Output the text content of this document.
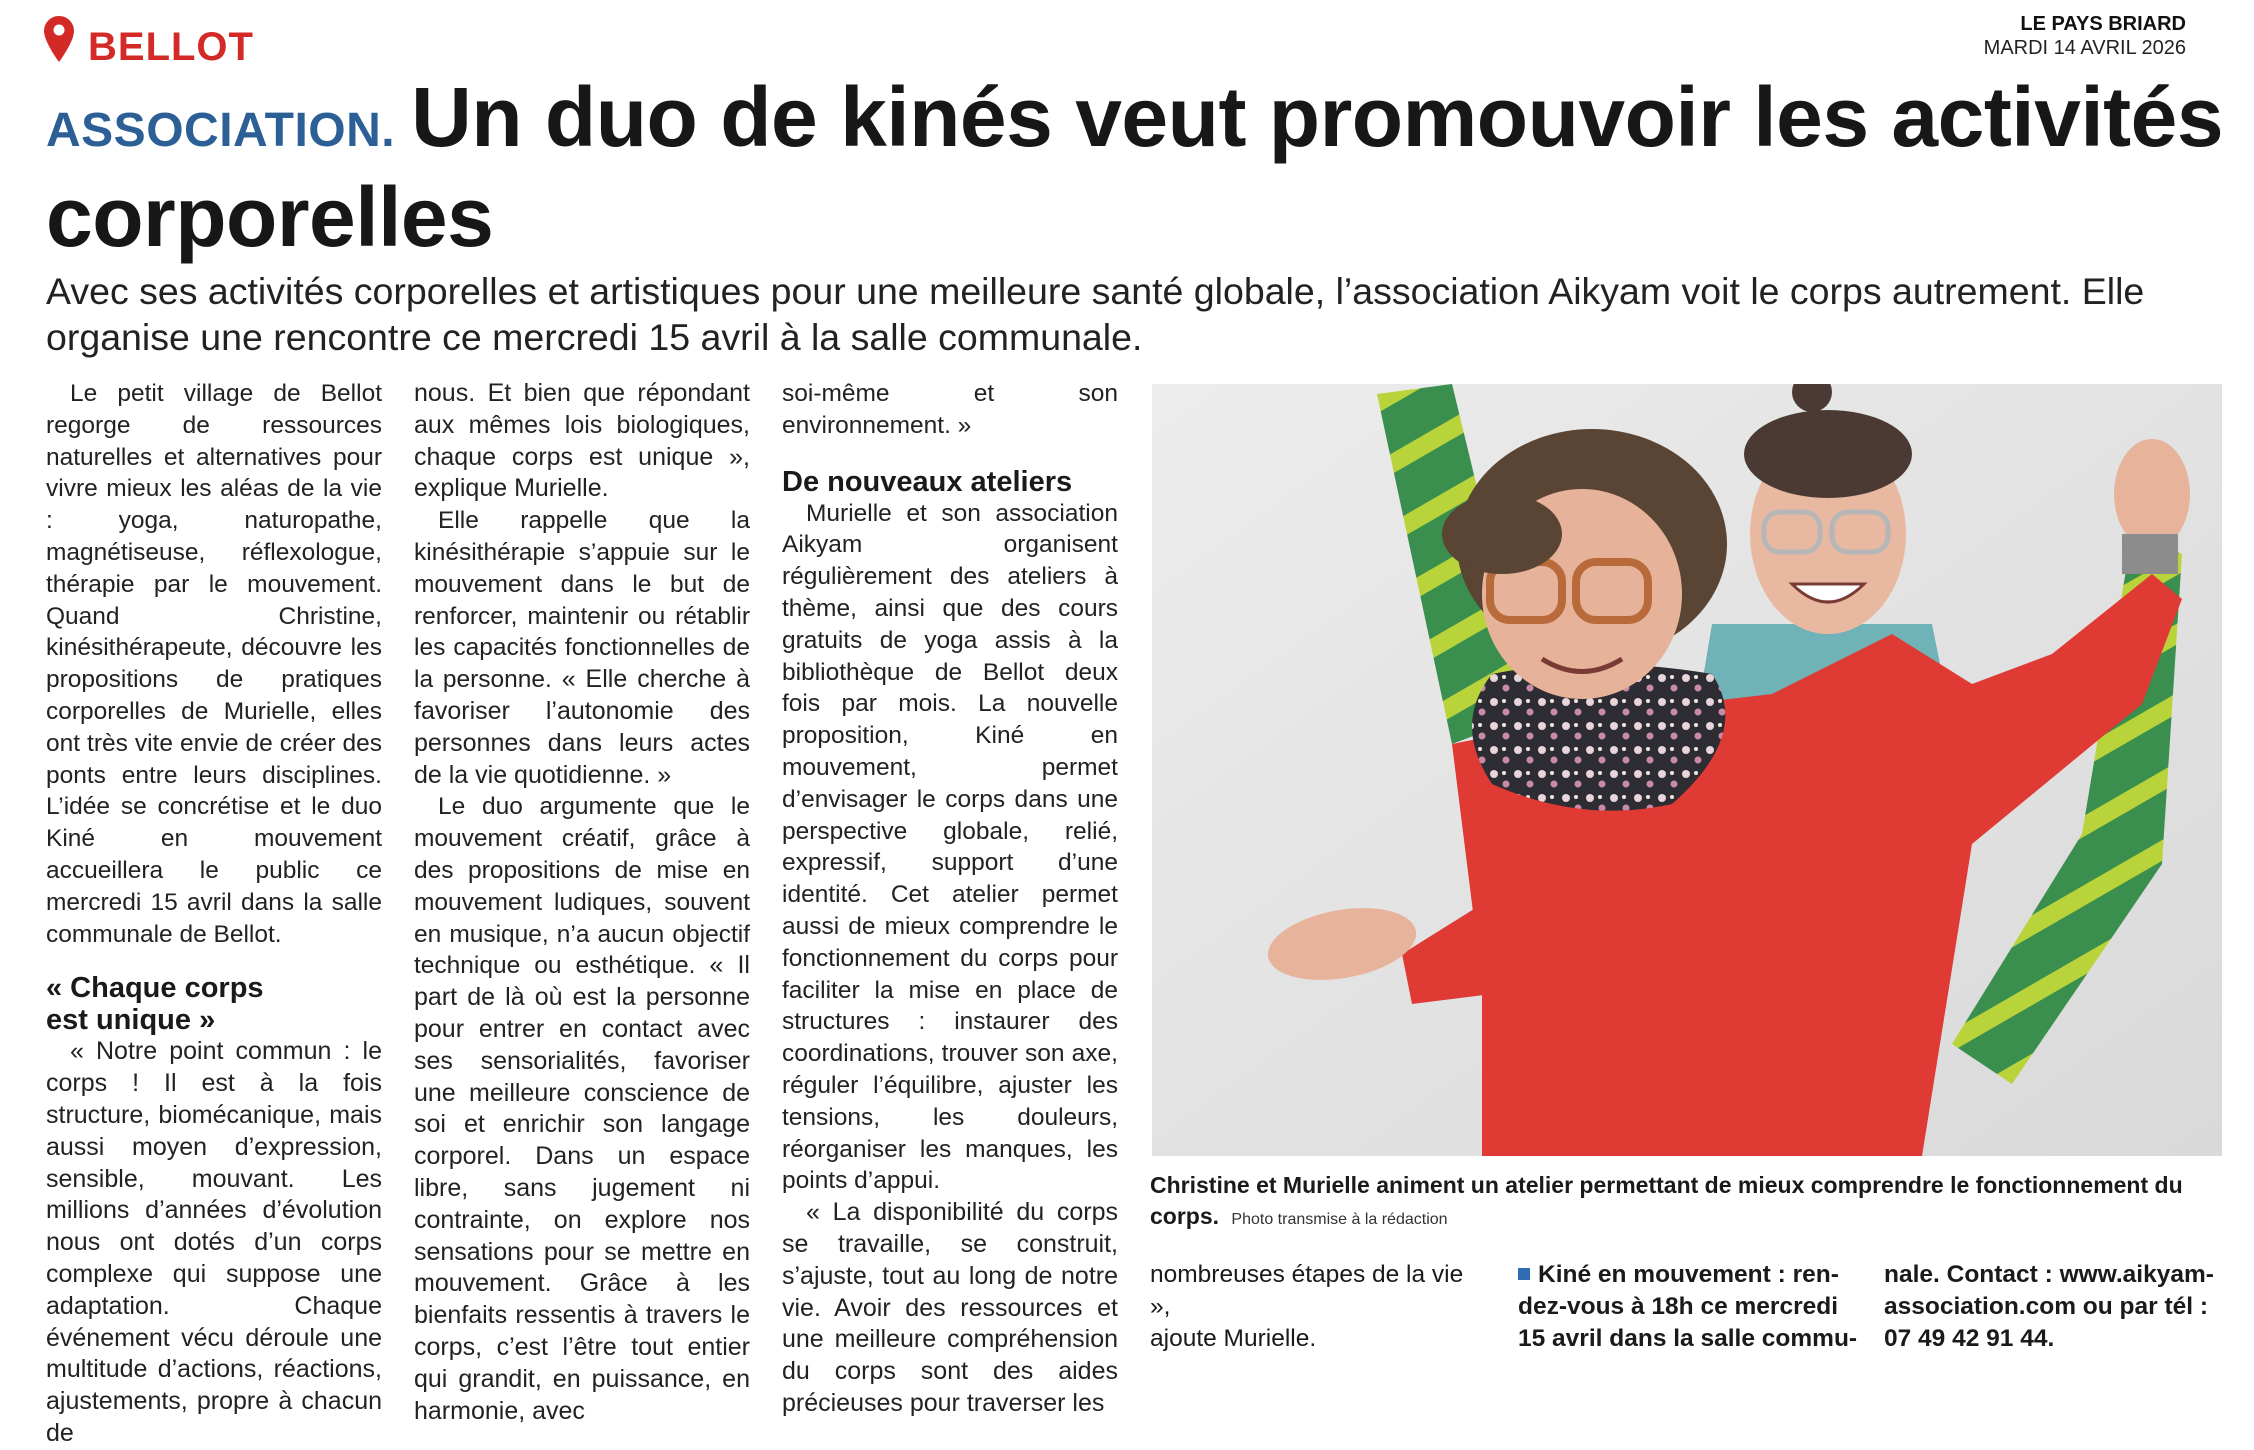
BELLOT
LE PAYS BRIARD
MARDI 14 AVRIL 2026
ASSOCIATION. Un duo de kinés veut promouvoir les activités corporelles
Avec ses activités corporelles et artistiques pour une meilleure santé globale, l’association Aikyam voit le corps autrement. Elle organise une rencontre ce mercredi 15 avril à la salle communale.

Le petit village de Bellot regorge de ressources naturelles et alternatives pour vivre mieux les aléas de la vie : yoga, naturopathe, magnétiseuse, réflexologue, thérapie par le mouvement. Quand Christine, kinésithérapeute, découvre les propositions de pratiques corporelles de Murielle, elles ont très vite envie de créer des ponts entre leurs disciplines. L’idée se concrétise et le duo Kiné en mouvement accueillera le public ce mercredi 15 avril dans la salle communale de Bellot.

« Chaque corps
est unique »

« Notre point commun : le corps ! Il est à la fois structure, biomécanique, mais aussi moyen d’expression, sensible, mouvant. Les millions d’années d’évolution nous ont dotés d’un corps complexe qui suppose une adaptation. Chaque événement vécu déroule une multitude d’actions, réactions, ajustements, propre à chacun de

nous. Et bien que répondant aux mêmes lois biologiques, chaque corps est unique », explique Murielle.

Elle rappelle que la kinésithérapie s’appuie sur le mouvement dans le but de renforcer, maintenir ou rétablir les capacités fonctionnelles de la personne. « Elle cherche à favoriser l’autonomie des personnes dans leurs actes de la vie quotidienne. »

Le duo argumente que le mouvement créatif, grâce à des propositions de mise en mouvement ludiques, souvent en musique, n’a aucun objectif technique ou esthétique. « Il part de là où est la personne pour entrer en contact avec ses sensorialités, favoriser une meilleure conscience de soi et enrichir son langage corporel. Dans un espace libre, sans jugement ni contrainte, on explore nos sensations pour se mettre en mouvement. Grâce à les bienfaits ressentis à travers le corps, c’est l’être tout entier qui grandit, en puissance, en harmonie, avec

soi-même et son environnement. »

De nouveaux ateliers

Murielle et son association Aikyam organisent régulièrement des ateliers à thème, ainsi que des cours gratuits de yoga assis à la bibliothèque de Bellot deux fois par mois. La nouvelle proposition, Kiné en mouvement, permet d’envisager le corps dans une perspective globale, relié, expressif, support d’une identité. Cet atelier permet aussi de mieux comprendre le fonctionnement du corps pour faciliter la mise en place de structures : instaurer des coordinations, trouver son axe, réguler l’équilibre, ajuster les tensions, les douleurs, réorganiser les manques, les points d’appui.

« La disponibilité du corps se travaille, se construit, s’ajuste, tout au long de notre vie. Avoir des ressources et une meilleure compréhension du corps sont des aides précieuses pour traverser les

Christine et Murielle animent un atelier permettant de mieux comprendre le fonctionnement du corps. Photo transmise à la rédaction
nombreuses étapes de la vie »,
ajoute Murielle.
Kiné en mouvement : ren-
dez-vous à 18h ce mercredi
15 avril dans la salle commu-
nale. Contact : www.aikyam-
association.com ou par tél :
07 49 42 91 44.
